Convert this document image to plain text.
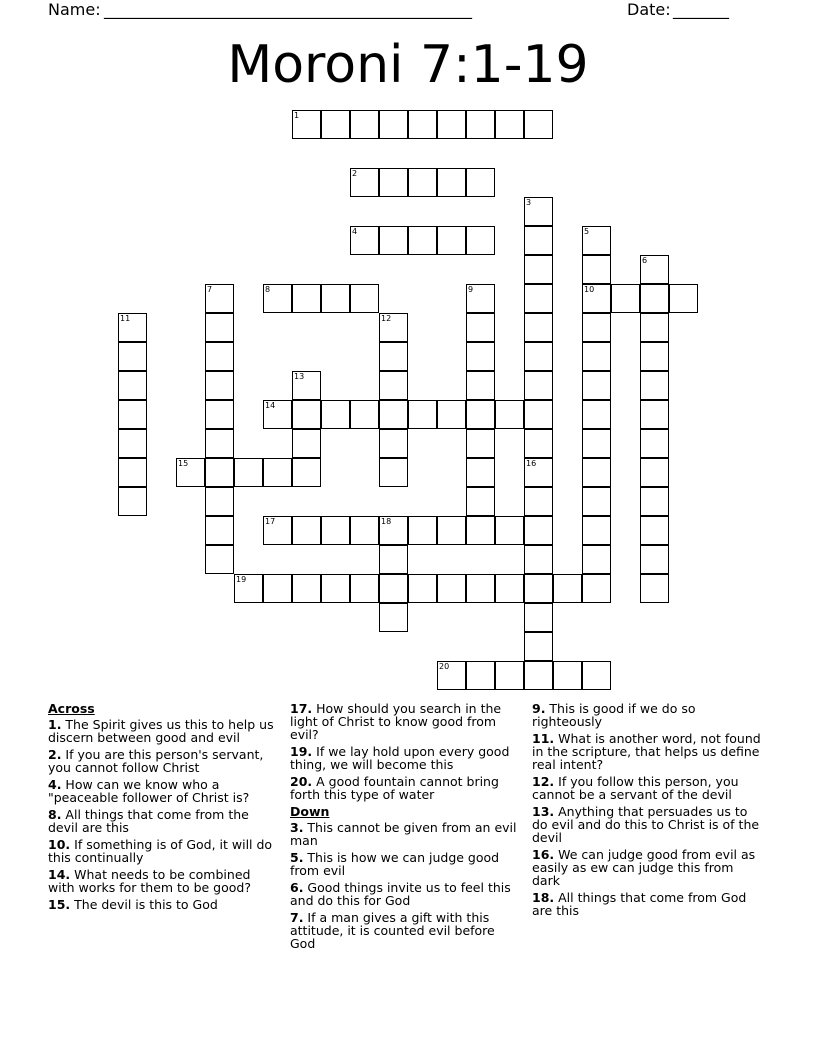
Name: ______________________________________________	Date: _______
Moroni 7:1-19
1
2
3
16
4	5
10
6
7	8	9
11	12
13
14
15
17	18
19
20
Across
1. The Spirit gives us this to help us discern between good and evil
2. If you are this person's servant, you cannot follow Christ
4. How can we know who a "peaceable follower of Christ is?
8. All things that come from the devil are this
10. If something is of God, it will do this continually
14. What needs to be combined with works for them to be good?
15. The devil is this to God
17. How should you search in the light of Christ to know good from evil?
19. If we lay hold upon every good thing, we will become this
20. A good fountain cannot bring forth this type of water
Down
3. This cannot be given from an evil man
5. This is how we can judge good from evil
6. Good things invite us to feel this and do this for God
7. If a man gives a gift with this attitude, it is counted evil before God
9. This is good if we do so righteously
11. What is another word, not found in the scripture, that helps us define real intent?
12. If you follow this person, you cannot be a servant of the devil
13. Anything that persuades us to do evil and do this to Christ is of the devil
16. We can judge good from evil as easily as ew can judge this from dark
18. All things that come from God are this
